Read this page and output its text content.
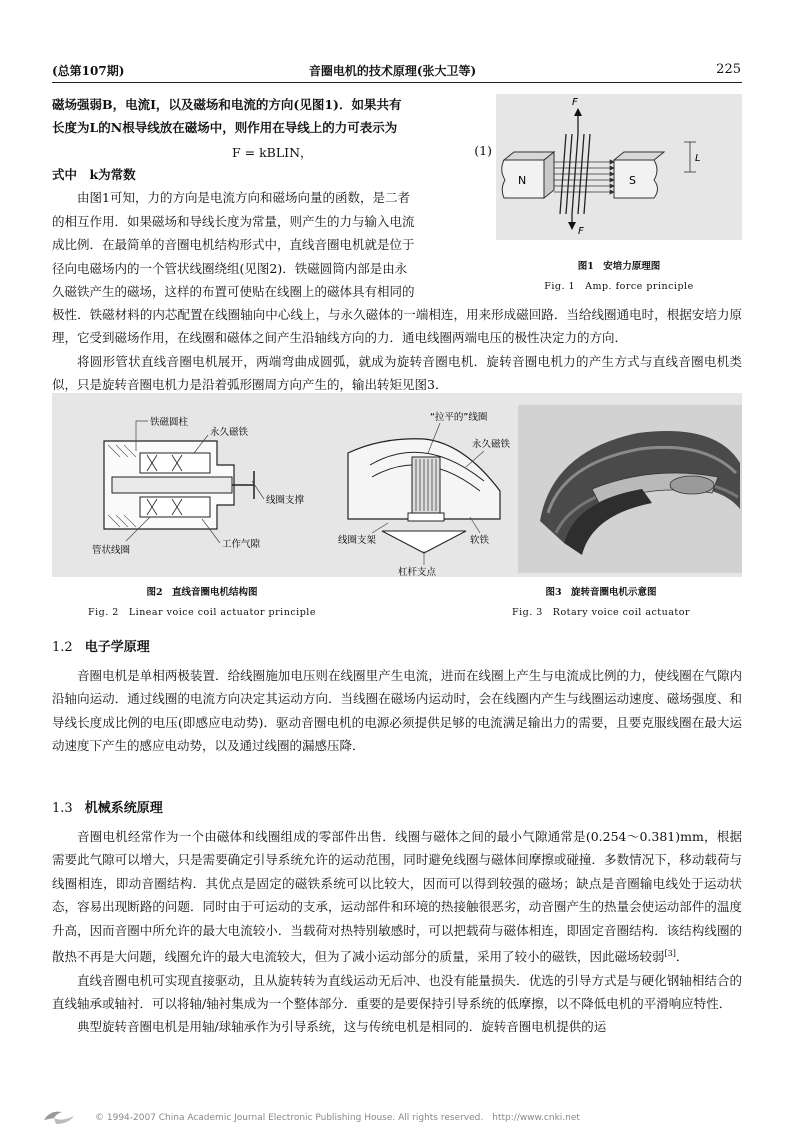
(总第107期)	音圈电机的技术原理(张大卫等)	225

磁场强弱B，电流I，以及磁场和电流的方向(见图1)．如果共有

长度为L的N根导线放在磁场中，则作用在导线上的力可表示为

F = kBLIN，	(1)

式中　k为常数

由图1可知，力的方向是电流方向和磁场向量的函数，是二者

的相互作用．如果磁场和导线长度为常量，则产生的力与输入电流

成比例．在最简单的音圈电机结构形式中，直线音圈电机就是位于

径向电磁场内的一个管状线圈绕组(见图2)．铁磁圆筒内部是由永

久磁铁产生的磁场，这样的布置可使贴在线圈上的磁体具有相同的

N	S
F
F
L
图1　安培力原理图
Fig. 1　Amp. force principle

极性．铁磁材料的内芯配置在线圈轴向中心线上，与永久磁体的一端相连，用来形成磁回路．当给线圈通电时，根据安培力原理，它受到磁场作用，在线圈和磁体之间产生沿轴线方向的力．通电线圈两端电压的极性决定力的方向．

将圆形管状直线音圈电机展开，两端弯曲成圆弧，就成为旋转音圈电机．旋转音圈电机力的产生方式与直线音圈电机类似，只是旋转音圈电机力是沿着弧形圈周方向产生的，输出转矩见图3．

铁磁圆柱
永久磁铁
线圈支撑
工作气隙
管状线圈
“拉平的”线圈
永久磁铁
线圈支架	软铁
杠杆支点
图2　直线音圈电机结构图
Fig. 2　Linear voice coil actuator principle
图3　旋转音圈电机示意图
Fig. 3　Rotary voice coil actuator
1.2 电子学原理

音圈电机是单相两极装置．给线圈施加电压则在线圈里产生电流，进而在线圈上产生与电流成比例的力，使线圈在气隙内沿轴向运动．通过线圈的电流方向决定其运动方向．当线圈在磁场内运动时，会在线圈内产生与线圈运动速度、磁场强度、和导线长度成比例的电压(即感应电动势)．驱动音圈电机的电源必须提供足够的电流满足输出力的需要，且要克服线圈在最大运动速度下产生的感应电动势，以及通过线圈的漏感压降．

1.3 机械系统原理

音圈电机经常作为一个由磁体和线圈组成的零部件出售．线圈与磁体之间的最小气隙通常是(0.254～0.381)mm，根据需要此气隙可以增大，只是需要确定引导系统允许的运动范围，同时避免线圈与磁体间摩擦或碰撞．多数情况下，移动载荷与线圈相连，即动音圈结构．其优点是固定的磁铁系统可以比较大，因而可以得到较强的磁场；缺点是音圈输电线处于运动状态，容易出现断路的问题．同时由于可运动的支承，运动部件和环境的热接触很恶劣，动音圈产生的热量会使运动部件的温度升高，因而音圈中所允许的最大电流较小．当载荷对热特别敏感时，可以把载荷与磁体相连，即固定音圈结构．该结构线圈的散热不再是大问题，线圈允许的最大电流较大，但为了减小运动部分的质量，采用了较小的磁铁，因此磁场较弱[3]．

直线音圈电机可实现直接驱动，且从旋转转为直线运动无后冲、也没有能量损失．优选的引导方式是与硬化钢轴相结合的直线轴承或轴衬．可以将轴/轴衬集成为一个整体部分．重要的是要保持引导系统的低摩擦，以不降低电机的平滑响应特性．

典型旋转音圈电机是用轴/球轴承作为引导系统，这与传统电机是相同的．旋转音圈电机提供的运

© 1994-2007 China Academic Journal Electronic Publishing House. All rights reserved.　http://www.cnki.net
